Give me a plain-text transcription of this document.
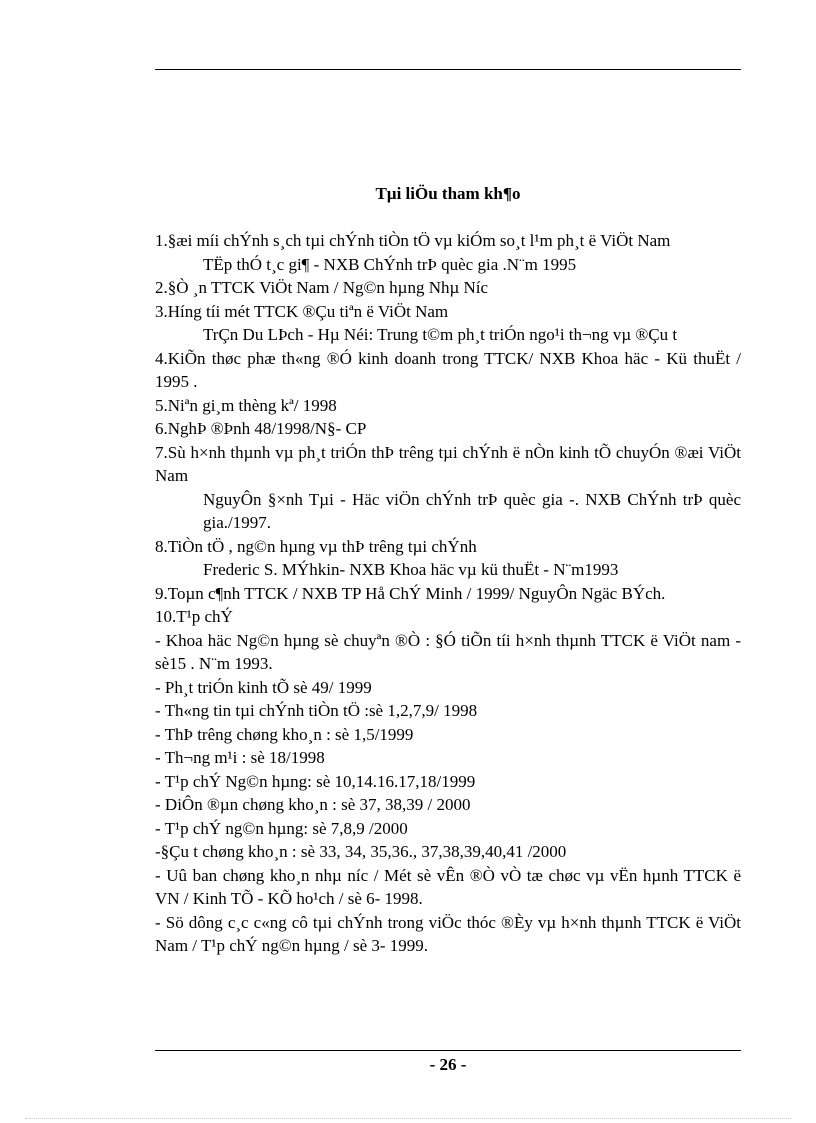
Tµi liÖu tham kh¶o
1.§æi míi chÝnh s¸ch tµi chÝnh tiÒn tÖ vµ kiÓm so¸t l¹m ph¸t ë ViÖt Nam
TËp thÓ t¸c gi¶ - NXB ChÝnh trÞ quèc gia .N¨m 1995
2.§Ò ¸n TTCK ViÖt Nam / Ng©n hµng Nhµ Níc
3.Híng tíi mét TTCK ®Çu tiªn ë ViÖt Nam
TrÇn Du LÞch - Hµ Néi: Trung t©m ph¸t triÓn ngo¹i th¬ng vµ ®Çu t
4.KiÕn thøc phæ th«ng ®Ó kinh doanh trong TTCK/ NXB Khoa häc - Kü thuËt / 1995 .
5.Niªn gi¸m thèng kª/ 1998
6.NghÞ ®Þnh 48/1998/N§- CP
7.Sù h×nh thµnh vµ ph¸t triÓn thÞ trêng tµi chÝnh ë nÒn kinh tÕ chuyÓn ®æi ViÖt Nam
NguyÔn §×nh Tµi - Häc viÖn chÝnh trÞ quèc gia -. NXB ChÝnh trÞ quèc gia./1997.
8.TiÒn tÖ , ng©n hµng vµ thÞ trêng tµi chÝnh
Frederic S. MÝhkin- NXB Khoa häc vµ kü thuËt - N¨m1993
9.Toµn c¶nh TTCK / NXB TP Hå ChÝ Minh / 1999/ NguyÔn Ngäc BÝch.
10.T¹p chÝ
- Khoa häc Ng©n hµng sè chuyªn ®Ò : §Ó tiÕn tíi h×nh thµnh TTCK ë ViÖt nam - sè15 . N¨m 1993.
- Ph¸t triÓn kinh tÕ sè 49/ 1999
- Th«ng tin tµi chÝnh tiÒn tÖ :sè 1,2,7,9/ 1998
- ThÞ trêng chøng kho¸n : sè 1,5/1999
- Th¬ng m¹i : sè 18/1998
- T¹p chÝ Ng©n hµng: sè 10,14.16.17,18/1999
- DiÔn ®µn chøng kho¸n : sè 37, 38,39 / 2000
- T¹p chÝ ng©n hµng: sè 7,8,9 /2000
-§Çu t chøng kho¸n : sè 33, 34, 35,36., 37,38,39,40,41 /2000
- Uû ban chøng kho¸n nhµ níc / Mét sè vÊn ®Ò vÒ tæ chøc vµ vËn hµnh TTCK ë VN / Kinh TÕ - KÕ ho¹ch / sè 6- 1998.
- Sö dông c¸c c«ng cô tµi chÝnh trong viÖc thóc ®Èy vµ h×nh thµnh TTCK ë ViÖt Nam / T¹p chÝ ng©n hµng / sè 3- 1999.
- 26 -
